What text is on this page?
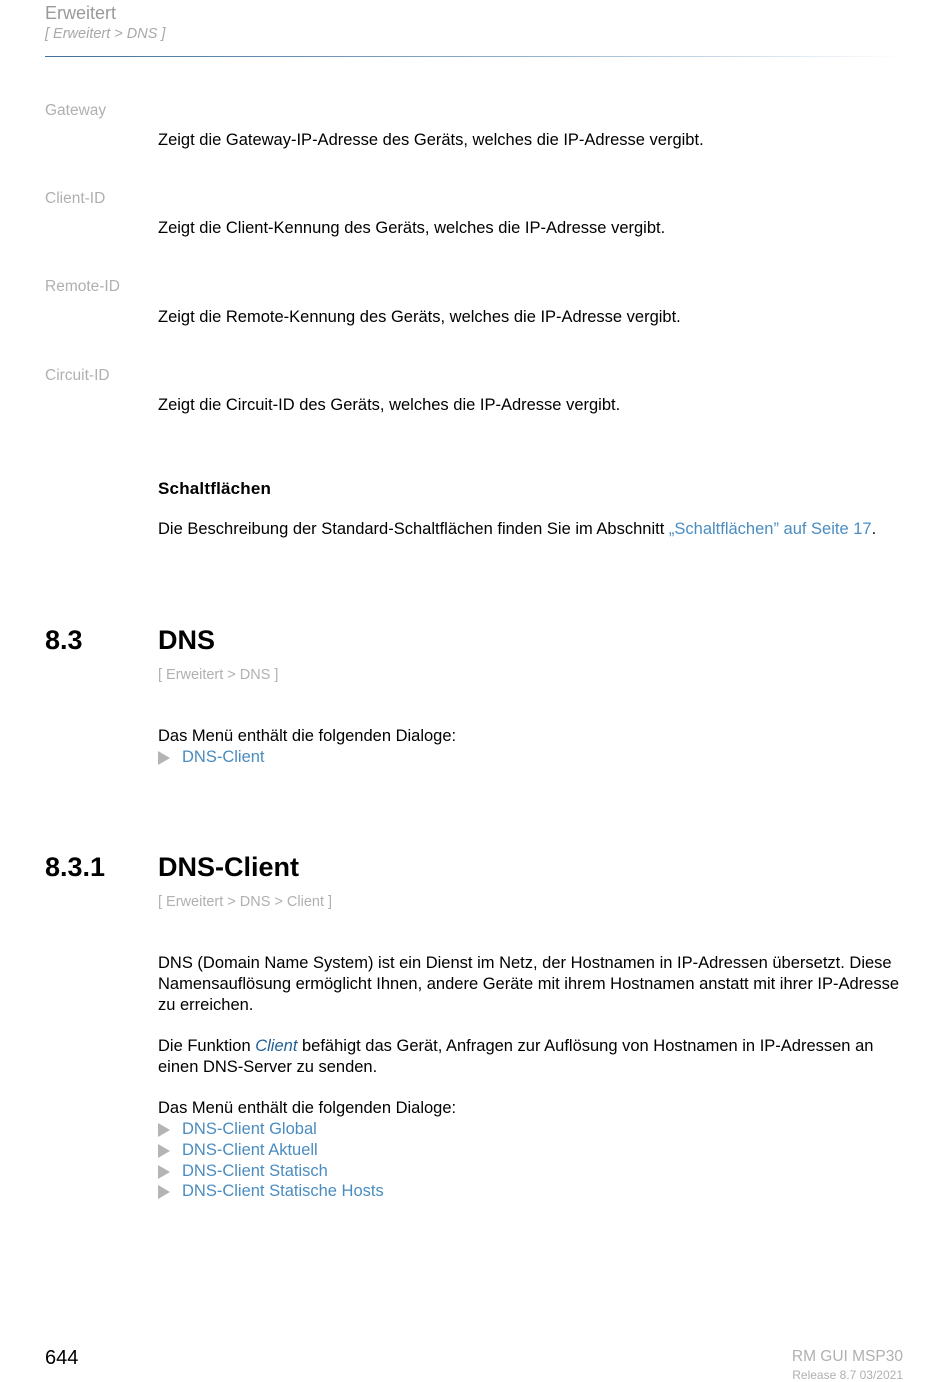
Erweitert
[ Erweitert > DNS ]
Gateway
Zeigt die Gateway-IP-Adresse des Geräts, welches die IP-Adresse vergibt.
Client-ID
Zeigt die Client-Kennung des Geräts, welches die IP-Adresse vergibt.
Remote-ID
Zeigt die Remote-Kennung des Geräts, welches die IP-Adresse vergibt.
Circuit-ID
Zeigt die Circuit-ID des Geräts, welches die IP-Adresse vergibt.
Schaltflächen
Die Beschreibung der Standard-Schaltflächen finden Sie im Abschnitt „Schaltflächen” auf Seite 17.
8.3	DNS
[ Erweitert > DNS ]
Das Menü enthält die folgenden Dialoge:
DNS-Client
8.3.1 DNS-Client
[ Erweitert > DNS > Client ]
DNS (Domain Name System) ist ein Dienst im Netz, der Hostnamen in IP-Adressen übersetzt. Diese Namensauflösung ermöglicht Ihnen, andere Geräte mit ihrem Hostnamen anstatt mit ihrer IP-Adresse zu erreichen.
Die Funktion Client befähigt das Gerät, Anfragen zur Auflösung von Hostnamen in IP-Adressen an einen DNS-Server zu senden.
Das Menü enthält die folgenden Dialoge:
DNS-Client Global
DNS-Client Aktuell
DNS-Client Statisch
DNS-Client Statische Hosts
644	RM GUI MSP30
Release 8.7 03/2021
